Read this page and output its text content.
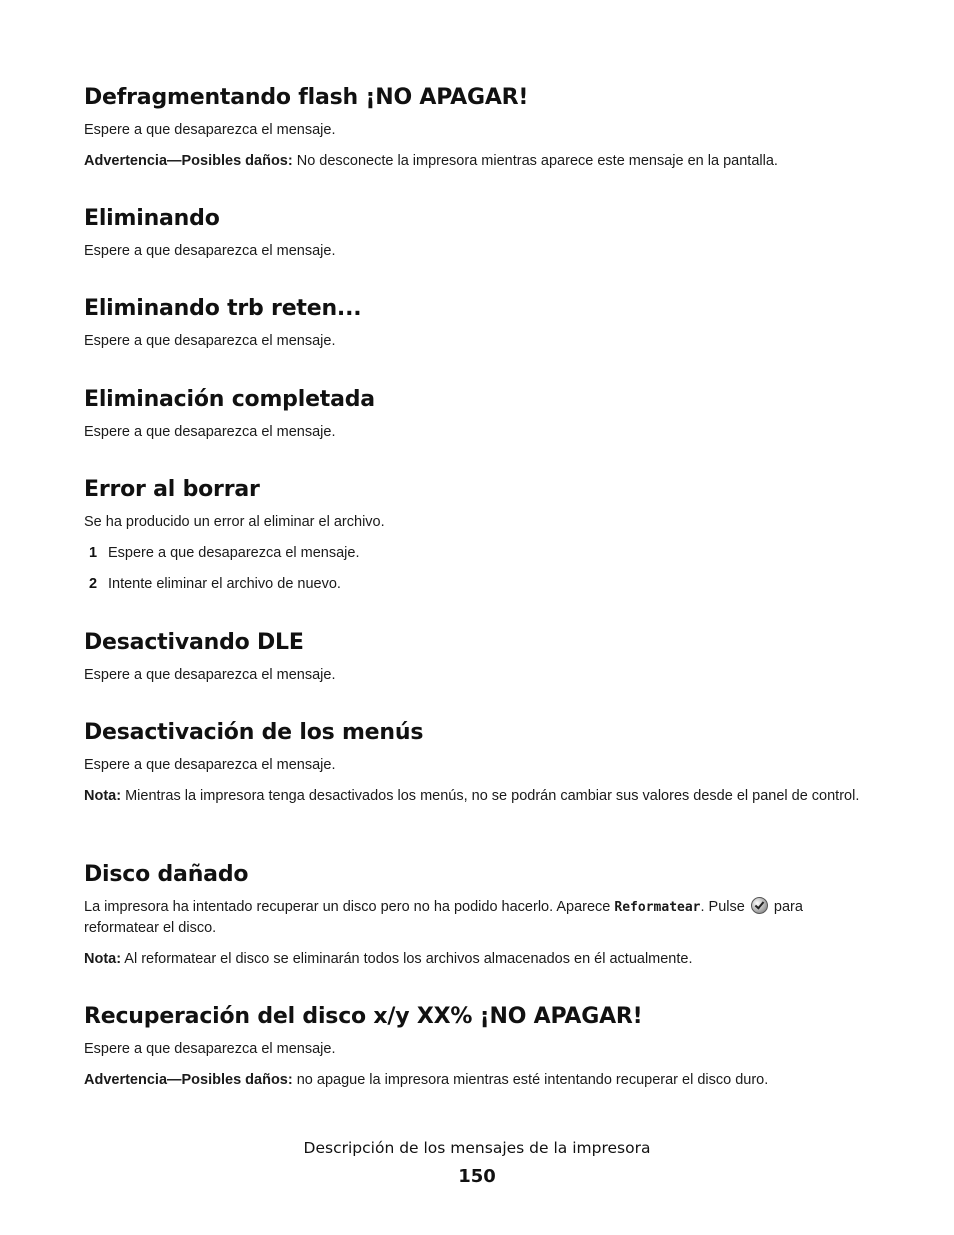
Defragmentando flash ¡NO APAGAR!

Espere a que desaparezca el mensaje.

Advertencia—Posibles daños: No desconecte la impresora mientras aparece este mensaje en la pantalla.

Eliminando

Espere a que desaparezca el mensaje.

Eliminando trb reten...

Espere a que desaparezca el mensaje.

Eliminación completada

Espere a que desaparezca el mensaje.

Error al borrar

Se ha producido un error al eliminar el archivo.

1 Espere a que desaparezca el mensaje.

2 Intente eliminar el archivo de nuevo.

Desactivando DLE

Espere a que desaparezca el mensaje.

Desactivación de los menús

Espere a que desaparezca el mensaje.

Nota: Mientras la impresora tenga desactivados los menús, no se podrán cambiar sus valores desde el panel de control.

Disco dañado

La impresora ha intentado recuperar un disco pero no ha podido hacerlo. Aparece Reformatear. Pulse  para reformatear el disco.

Nota: Al reformatear el disco se eliminarán todos los archivos almacenados en él actualmente.

Recuperación del disco x/y XX% ¡NO APAGAR!

Espere a que desaparezca el mensaje.

Advertencia—Posibles daños: no apague la impresora mientras esté intentando recuperar el disco duro.

Descripción de los mensajes de la impresora
150
